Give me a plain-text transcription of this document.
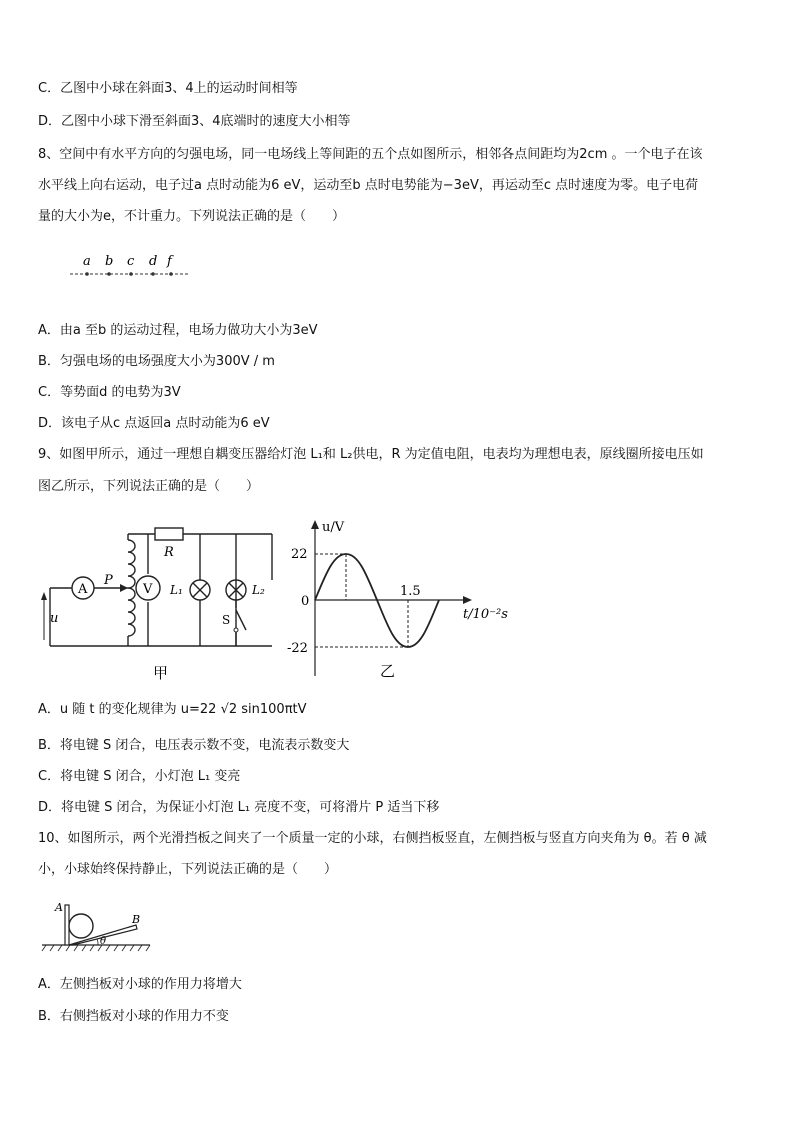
C．乙图中小球在斜面3、4上的运动时间相等
D．乙图中小球下滑至斜面3、4底端时的速度大小相等
8、空间中有水平方向的匀强电场，同一电场线上等间距的五个点如图所示，相邻各点间距均为2cm 。一个电子在该
水平线上向右运动，电子过a 点时动能为6 eV，运动至b 点时电势能为−3eV，再运动至c 点时速度为零。电子电荷
量的大小为e，不计重力。下列说法正确的是（　　）
a b c d f
A．由a 至b 的运动过程，电场力做功大小为3eV
B．匀强电场的电场强度大小为300V / m
C．等势面d 的电势为3V
D．该电子从c 点返回a 点时动能为6 eV
9、如图甲所示，通过一理想自耦变压器给灯泡 L₁和 L₂供电，R 为定值电阻，电表均为理想电表，原线圈所接电压如
图乙所示，下列说法正确的是（　　）
A	V
P
R
L₁	L₂
S
u
甲
u/V
22
0
-22
1.5
t/10⁻²s
乙
A．u 随 t 的变化规律为 u=22 √2 sin100πtV
B．将电键 S 闭合，电压表示数不变，电流表示数变大
C．将电键 S 闭合，小灯泡 L₁ 变亮
D．将电键 S 闭合，为保证小灯泡 L₁ 亮度不变，可将滑片 P 适当下移
10、如图所示，两个光滑挡板之间夹了一个质量一定的小球，右侧挡板竖直，左侧挡板与竖直方向夹角为 θ。若 θ 减
小，小球始终保持静止，下列说法正确的是（　　）
A
B
θ
A．左侧挡板对小球的作用力将增大
B．右侧挡板对小球的作用力不变
